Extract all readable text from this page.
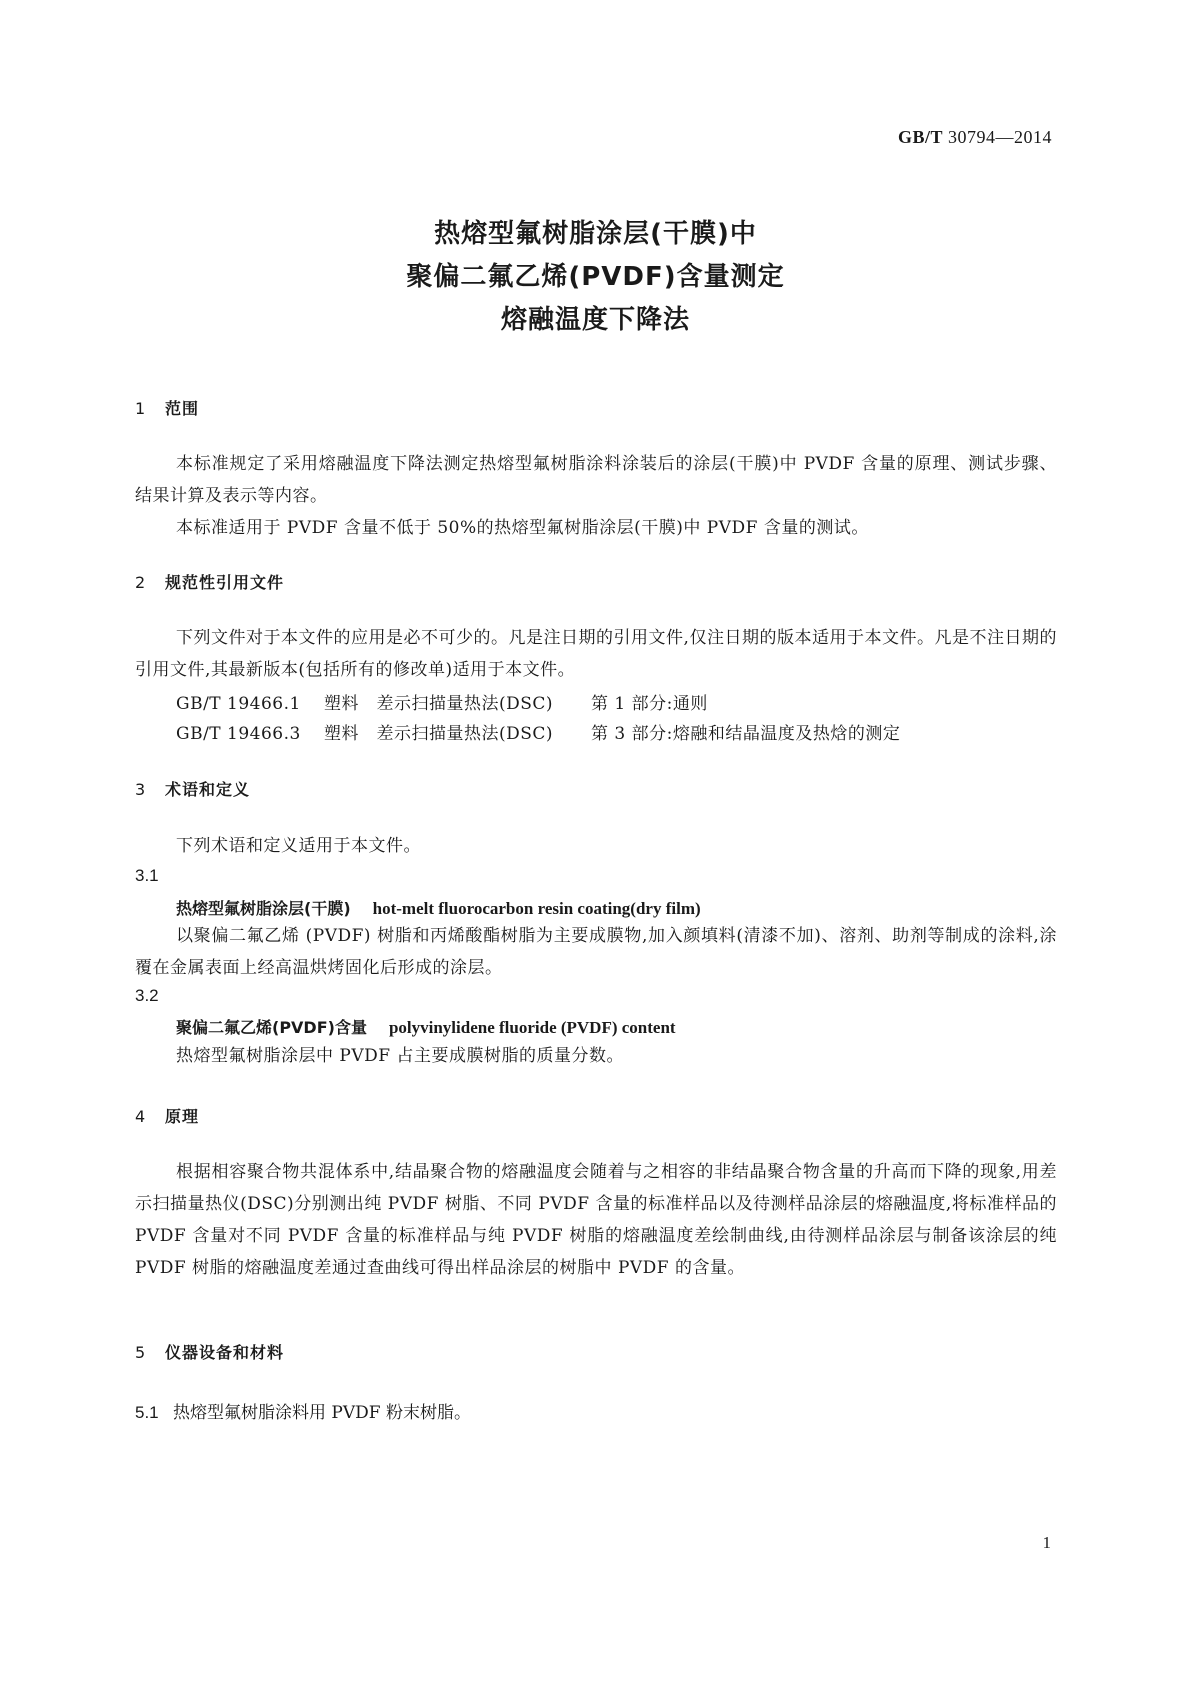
GB/T 30794—2014
热熔型氟树脂涂层(干膜)中
聚偏二氟乙烯(PVDF)含量测定
熔融温度下降法
1 范围
本标准规定了采用熔融温度下降法测定热熔型氟树脂涂料涂装后的涂层(干膜)中 PVDF 含量的原理、测试步骤、结果计算及表示等内容。
本标准适用于 PVDF 含量不低于 50%的热熔型氟树脂涂层(干膜)中 PVDF 含量的测试。
2 规范性引用文件
下列文件对于本文件的应用是必不可少的。凡是注日期的引用文件,仅注日期的版本适用于本文件。凡是不注日期的引用文件,其最新版本(包括所有的修改单)适用于本文件。
GB/T 19466.1 塑料　差示扫描量热法(DSC) 第 1 部分:通则
GB/T 19466.3 塑料　差示扫描量热法(DSC) 第 3 部分:熔融和结晶温度及热焓的测定
3 术语和定义
下列术语和定义适用于本文件。
3.1
热熔型氟树脂涂层(干膜) hot-melt fluorocarbon resin coating(dry film)
以聚偏二氟乙烯 (PVDF) 树脂和丙烯酸酯树脂为主要成膜物,加入颜填料(清漆不加)、溶剂、助剂等制成的涂料,涂覆在金属表面上经高温烘烤固化后形成的涂层。
3.2
聚偏二氟乙烯(PVDF)含量 polyvinylidene fluoride (PVDF) content
热熔型氟树脂涂层中 PVDF 占主要成膜树脂的质量分数。
4 原理
根据相容聚合物共混体系中,结晶聚合物的熔融温度会随着与之相容的非结晶聚合物含量的升高而下降的现象,用差示扫描量热仪(DSC)分别测出纯 PVDF 树脂、不同 PVDF 含量的标准样品以及待测样品涂层的熔融温度,将标准样品的 PVDF 含量对不同 PVDF 含量的标准样品与纯 PVDF 树脂的熔融温度差绘制曲线,由待测样品涂层与制备该涂层的纯 PVDF 树脂的熔融温度差通过查曲线可得出样品涂层的树脂中 PVDF 的含量。
5 仪器设备和材料
5.1 热熔型氟树脂涂料用 PVDF 粉末树脂。
1
